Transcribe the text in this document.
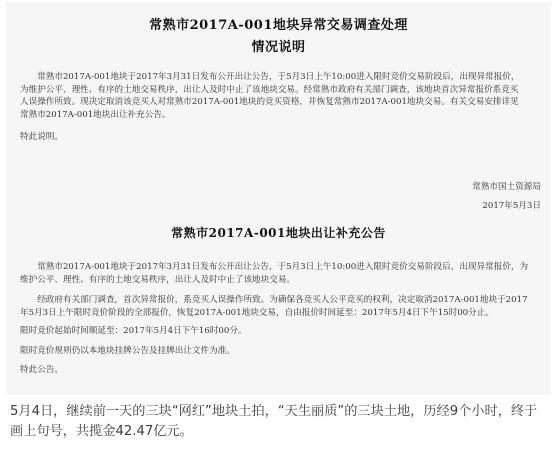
常熟市2017A-001地块异常交易调查处理
情况说明
常熟市2017A-001地块于2017年3月31日发布公开出让公告，于5月3日上午10:00进入限时竞价交易阶段后，出现异常报价，为维护公平、理性、有序的土地交易秩序，出让人及时中止了该地块交易。经常熟市政府有关部门调查，该地块首次异常报价系竞买人误操作所致。现决定取消该竞买人对常熟市2017A-001地块的竞买资格，并恢复常熟市2017A-001地块交易。有关交易安排详见常熟市2017A-001地块出让补充公告。
特此说明。
常熟市国土资源局
2017年5月3日
常熟市2017A-001地块出让补充公告
常熟市2017A-001地块于2017年3月31日发布公开出让公告，于5月3日上午10:00进入限时竞价交易阶段后，出现异常报价，为维护公平、理性、有序的土地交易秩序，出让人及时中止了该地块交易。
经政府有关部门调查，首次异常报价，系竞买人误操作所致。为确保各竞买人公平竞买的权利，决定取消2017A-001地块于2017年5月3日上午限时竞价阶段的全部报价，恢复2017A-001地块交易，自由报价时间延至：2017年5月4日下午15时00分止。
限时竞价起始时间顺延至：2017年5月4日下午16时00分。
限时竞价规则仍以本地块挂牌公告及挂牌出让文件为准。
特此公告。
5月4日，继续前一天的三块“网红”地块土拍，“天生丽质”的三块土地，历经9个小时，终于画上句号，共揽金42.47亿元。
